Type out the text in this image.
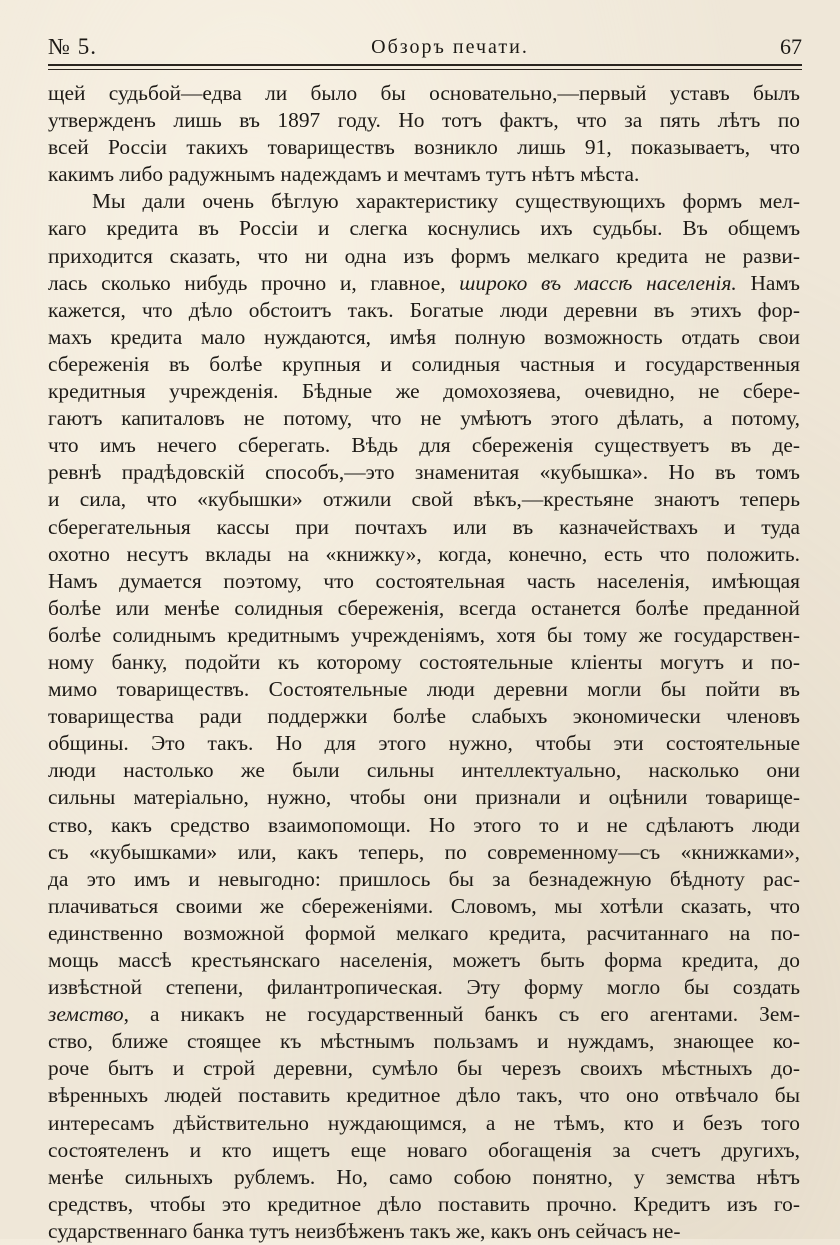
№ 5.	Обзоръ печати.	67
щей судьбой—едва ли было бы основательно,—первый уставъ былъ
утвержденъ лишь въ 1897 году. Но тотъ фактъ, что за пять лѣтъ по
всей Россіи такихъ товариществъ возникло лишь 91, показываетъ, что
какимъ либо радужнымъ надеждамъ и мечтамъ тутъ нѣтъ мѣста.
Мы дали очень бѣглую характеристику существующихъ формъ мел-
каго кредита въ Россіи и слегка коснулись ихъ судьбы. Въ общемъ
приходится сказать, что ни одна изъ формъ мелкаго кредита не разви-
лась сколько нибудь прочно и, главное, широко въ массѣ населенія. Намъ
кажется, что дѣло обстоитъ такъ. Богатые люди деревни въ этихъ фор-
махъ кредита мало нуждаются, имѣя полную возможность отдать свои
сбереженія въ болѣе крупныя и солидныя частныя и государственныя
кредитныя учрежденія. Бѣдные же домохозяева, очевидно, не сбере-
гаютъ капиталовъ не потому, что не умѣютъ этого дѣлать, а потому,
что имъ нечего сберегать. Вѣдь для сбереженія существуетъ въ де-
ревнѣ прадѣдовскій способъ,—это знаменитая «кубышка». Но въ томъ
и сила, что «кубышки» отжили свой вѣкъ,—крестьяне знаютъ теперь
сберегательныя кассы при почтахъ или въ казначействахъ и туда
охотно несутъ вклады на «книжку», когда, конечно, есть что положить.
Намъ думается поэтому, что состоятельная часть населенія, имѣющая
болѣе или менѣе солидныя сбереженія, всегда останется болѣе преданной
болѣе солиднымъ кредитнымъ учрежденіямъ, хотя бы тому же государствен-
ному банку, подойти къ которому состоятельные кліенты могутъ и по-
мимо товариществъ. Состоятельные люди деревни могли бы пойти въ
товарищества ради поддержки болѣе слабыхъ экономически членовъ
общины. Это такъ. Но для этого нужно, чтобы эти состоятельные
люди настолько же были сильны интеллектуально, насколько они
сильны матеріально, нужно, чтобы они признали и оцѣнили товарище-
ство, какъ средство взаимопомощи. Но этого то и не сдѣлаютъ люди
съ «кубышками» или, какъ теперь, по современному—съ «книжками»,
да это имъ и невыгодно: пришлось бы за безнадежную бѣдноту рас-
плачиваться своими же сбереженіями. Словомъ, мы хотѣли сказать, что
единственно возможной формой мелкаго кредита, расчитаннаго на по-
мощь массѣ крестьянскаго населенія, можетъ быть форма кредита, до
извѣстной степени, филантропическая. Эту форму могло бы создать
земство, а никакъ не государственный банкъ съ его агентами. Зем-
ство, ближе стоящее къ мѣстнымъ пользамъ и нуждамъ, знающее ко-
роче бытъ и строй деревни, сумѣло бы черезъ своихъ мѣстныхъ до-
вѣренныхъ людей поставить кредитное дѣло такъ, что оно отвѣчало бы
интересамъ дѣйствительно нуждающимся, а не тѣмъ, кто и безъ того
состоятеленъ и кто ищетъ еще новаго обогащенія за счетъ другихъ,
менѣе сильныхъ рублемъ. Но, само собою понятно, у земства нѣтъ
средствъ, чтобы это кредитное дѣло поставить прочно. Кредитъ изъ го-
сударственнаго банка тутъ неизбѣженъ такъ же, какъ онъ сейчасъ не-
